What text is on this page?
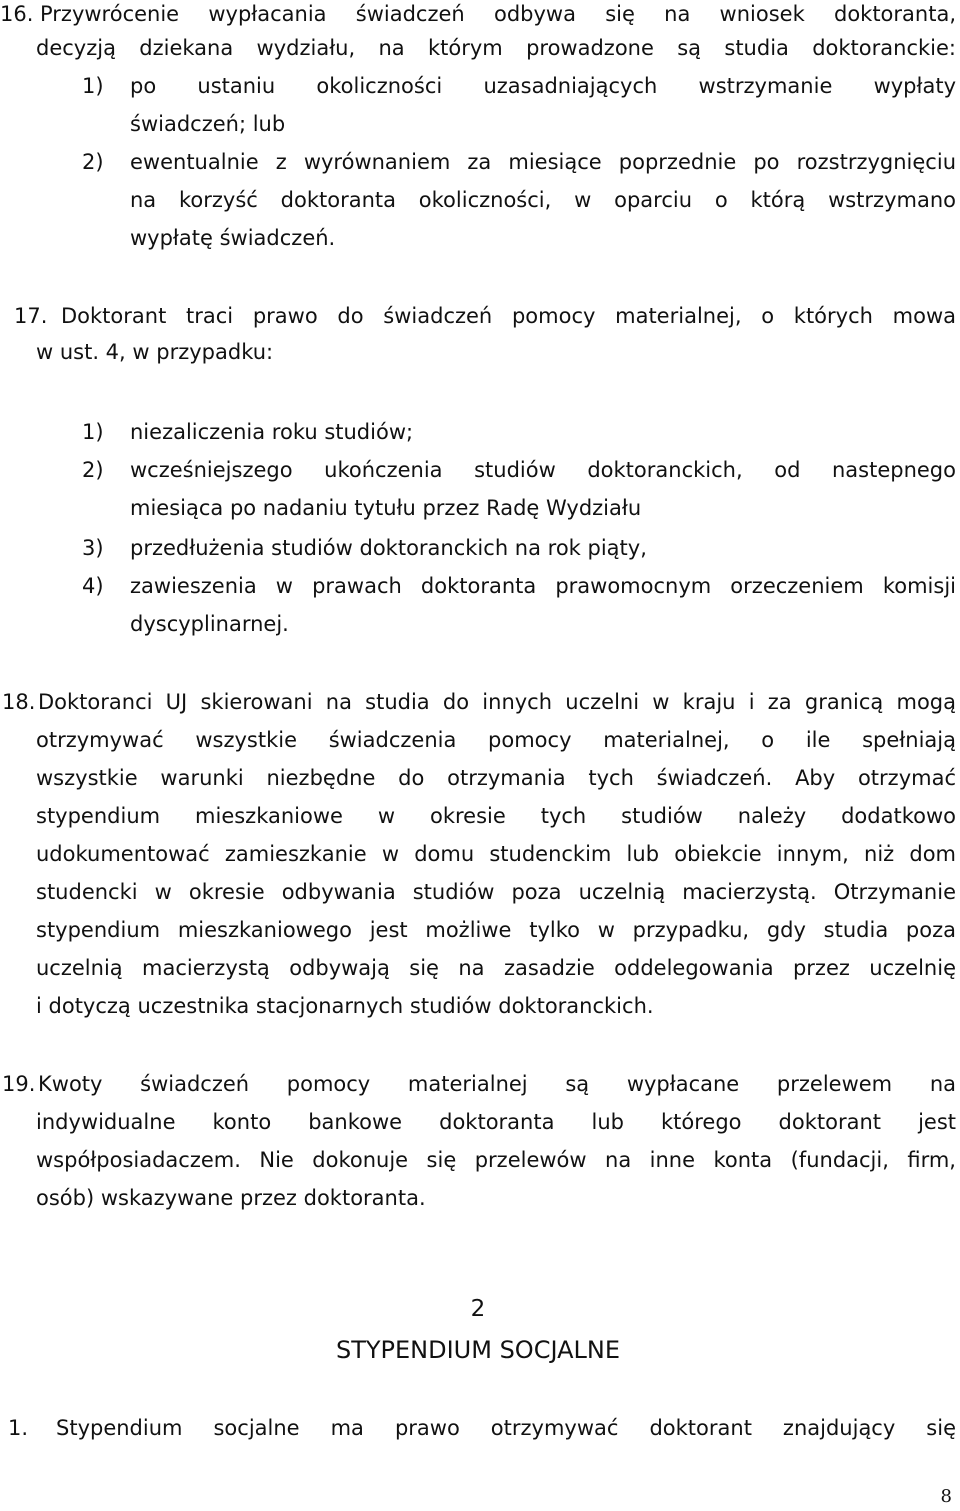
16. Przywrócenie wypłacania świadczeń odbywa się na wniosek doktoranta,
decyzją dziekana wydziału, na którym prowadzone są studia doktoranckie:
1) po ustaniu okoliczności uzasadniających wstrzymanie wypłaty
świadczeń; lub
2) ewentualnie z wyrównaniem za miesiące poprzednie po rozstrzygnięciu
na korzyść doktoranta okoliczności, w oparciu o którą wstrzymano
wypłatę świadczeń.
17. Doktorant traci prawo do świadczeń pomocy materialnej, o których mowa
w ust. 4, w przypadku:
1) niezaliczenia roku studiów;
2) wcześniejszego ukończenia studiów doktoranckich, od nastepnego
miesiąca po nadaniu tytułu przez Radę Wydziału
3) przedłużenia studiów doktoranckich na rok piąty,
4) zawieszenia w prawach doktoranta prawomocnym orzeczeniem komisji
dyscyplinarnej.
18. Doktoranci UJ skierowani na studia do innych uczelni w kraju i za granicą mogą
otrzymywać wszystkie świadczenia pomocy materialnej, o ile spełniają
wszystkie warunki niezbędne do otrzymania tych świadczeń. Aby otrzymać
stypendium mieszkaniowe w okresie tych studiów należy dodatkowo
udokumentować zamieszkanie w domu studenckim lub obiekcie innym, niż dom
studencki w okresie odbywania studiów poza uczelnią macierzystą. Otrzymanie
stypendium mieszkaniowego jest możliwe tylko w przypadku, gdy studia poza
uczelnią macierzystą odbywają się na zasadzie oddelegowania przez uczelnię
i dotyczą uczestnika stacjonarnych studiów doktoranckich.
19. Kwoty świadczeń pomocy materialnej są wypłacane przelewem na
indywidualne konto bankowe doktoranta lub którego doktorant jest
współposiadaczem. Nie dokonuje się przelewów na inne konta (fundacji, firm,
osób) wskazywane przez doktoranta.
2
STYPENDIUM SOCJALNE
1. Stypendium socjalne ma prawo otrzymywać doktorant znajdujący się
8
